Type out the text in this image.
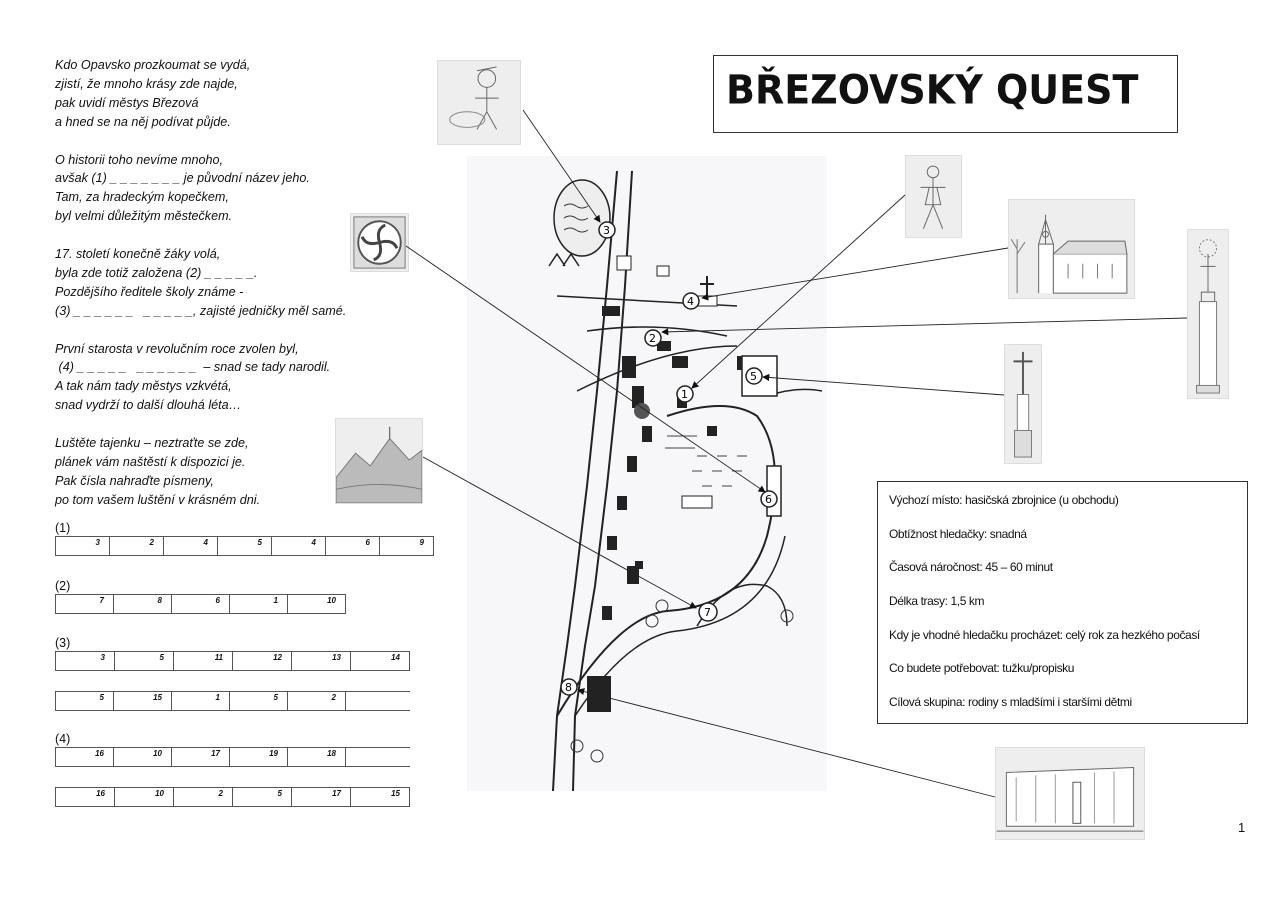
Kdo Opavsko prozkoumat se vydá,
zjistí, že mnoho krásy zde najde,
pak uvidí městys Březová
a hned se na něj podívat půjde.
O historii toho nevíme mnoho,
avšak (1) _ _ _ _ _ _ _ je původní název jeho.
Tam, za hradeckým kopečkem,
byl velmi důležitým městečkem.
17. století konečně žáky volá,
byla zde totiž založena (2) _ _ _ _ _.
Pozdějšího ředitele školy známe -
(3) _ _ _ _ _ _   _ _ _ _ _, zajisté jedničky měl samé.
První starosta v revolučním roce zvolen byl,
(4) _ _ _ _ _   _ _ _ _ _ _  – snad se tady narodil.
A tak nám tady městys vzkvétá,
snad vydrží to další dlouhá léta…
Luštěte tajenku – neztraťte se zde,
plánek vám naštěstí k dispozici je.
Pak čísla nahraďte písmeny,
po tom vašem luštění v krásném dni.
(1)
3	2	4	5	4	6	9
(2)
7	8	6	1	10
(3)
3	5	11	12	13	14
5	15	1	5	2
(4)
16	10	17	19	18
16	10	2	5	17	15
BŘEZOVSKÝ QUEST
1
2
3
4
5
6
7
8
Výchozí místo: hasičská zbrojnice (u obchodu)
Obtížnost hledačky: snadná
Časová náročnost: 45 – 60 minut
Délka trasy: 1,5 km
Kdy je vhodné hledačku procházet: celý rok za hezkého počasí
Co budete potřebovat: tužku/propisku
Cílová skupina: rodiny s mladšími i staršími dětmi
1
